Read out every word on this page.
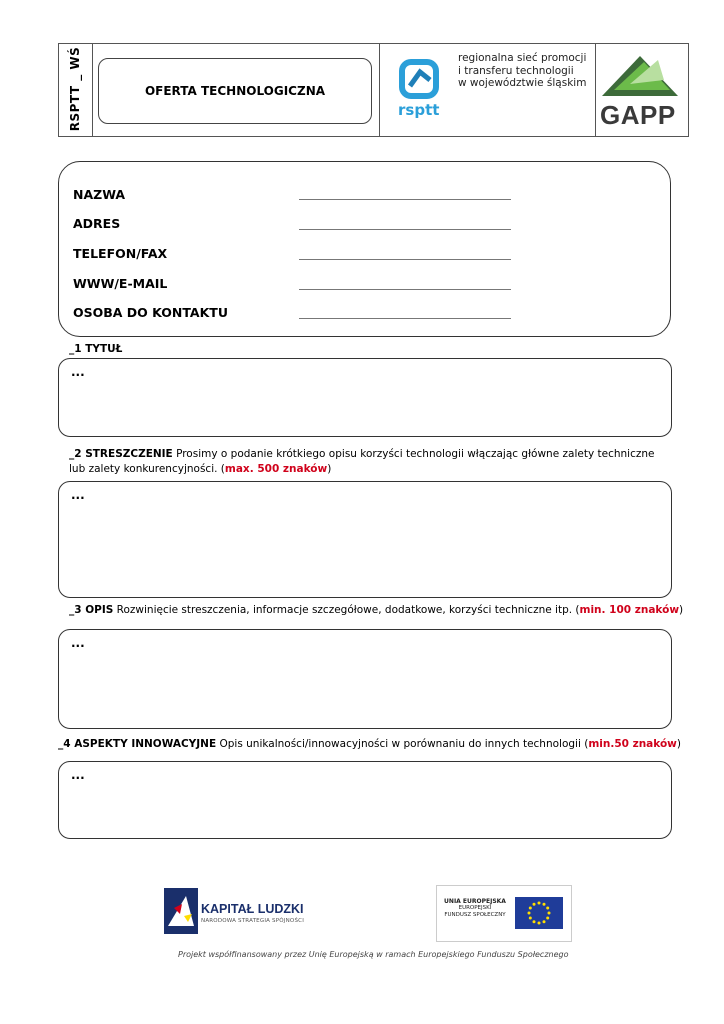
RSPTT _ WŚ	OFERTA TECHNOLOGICZNA
rsptt
regionalna sieć promocji
i transferu technologii
w województwie śląskim
GAPP
NAZWA
ADRES
TELEFON/FAX
WWW/E-MAIL
OSOBA DO KONTAKTU
_1 TYTUŁ
...
_2 STRESZCZENIE Prosimy o podanie krótkiego opisu korzyści technologii włączając główne zalety techniczne lub zalety konkurencyjności. (max. 500 znaków)
...
_3 OPIS Rozwinięcie streszczenia, informacje szczegółowe, dodatkowe, korzyści techniczne itp. (min. 100 znaków)
...
_4 ASPEKTY INNOWACYJNE Opis unikalności/innowacyjności w porównaniu do innych technologii (min.50 znaków)
...
KAPITAŁ LUDZKI
NARODOWA STRATEGIA SPÓJNOŚCI
UNIA EUROPEJSKA
EUROPEJSKI
FUNDUSZ SPOŁECZNY
Projekt współfinansowany przez Unię Europejską w ramach Europejskiego Funduszu Społecznego
